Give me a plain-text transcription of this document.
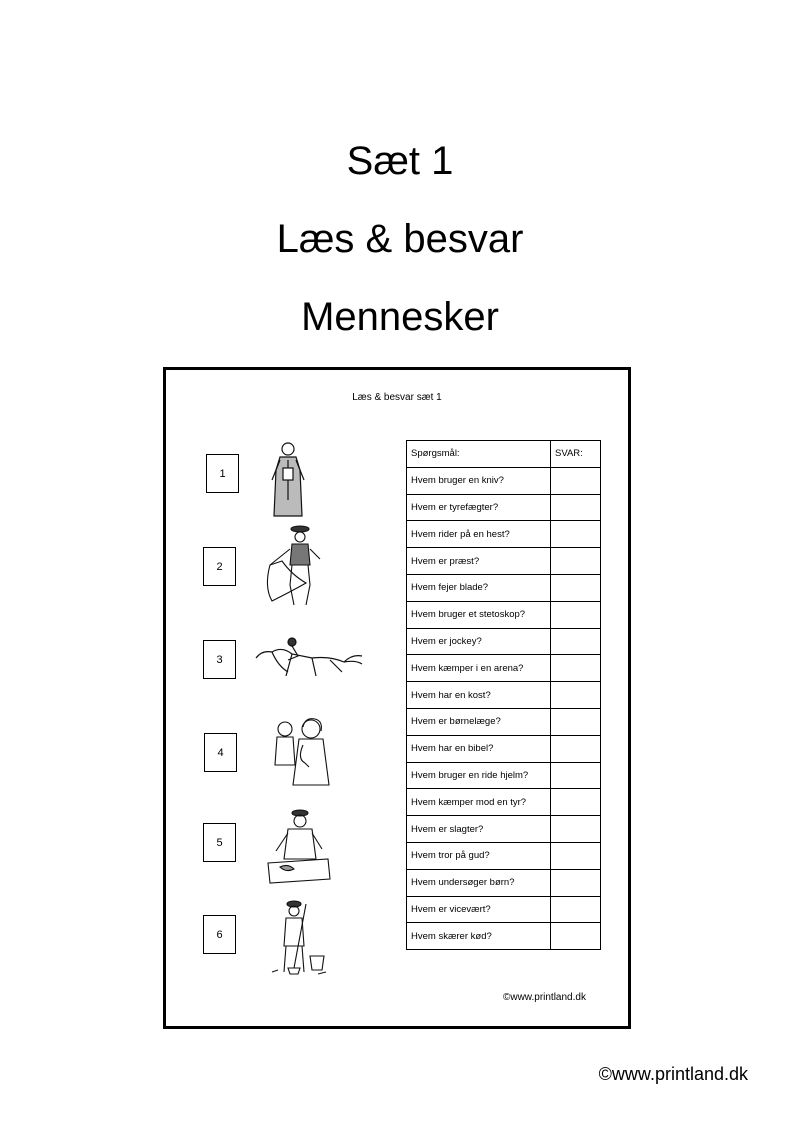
Sæt 1
Læs & besvar
Mennesker
Læs & besvar sæt 1
1
2
3
4
5
6
Spørgsmål:	SVAR:
Hvem bruger en kniv?	
Hvem er tyrefægter?	
Hvem rider på en hest?	
Hvem er præst?	
Hvem fejer blade?	
Hvem bruger et stetoskop?	
Hvem er jockey?	
Hvem kæmper i en arena?	
Hvem har en kost?	
Hvem er børnelæge?	
Hvem har en bibel?	
Hvem bruger en ride hjelm?	
Hvem kæmper mod en tyr?	
Hvem er slagter?	
Hvem tror på gud?	
Hvem undersøger børn?	
Hvem er vicevært?	
Hvem skærer kød?	
©www.printland.dk
©www.printland.dk
